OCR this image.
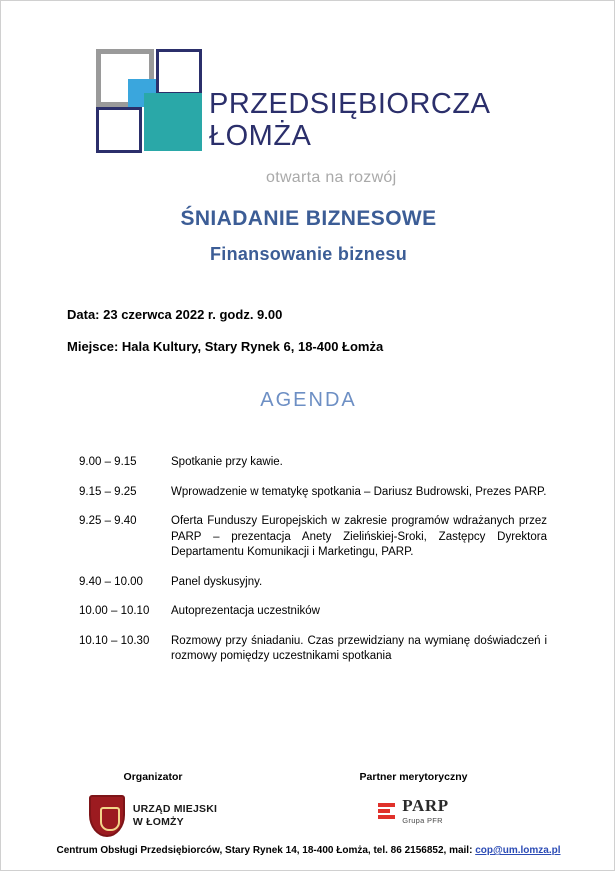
PRZEDSIĘBIORCZA
ŁOMŻA
otwarta na rozwój
ŚNIADANIE BIZNESOWE
Finansowanie biznesu
Data: 23 czerwca 2022 r. godz. 9.00
Miejsce: Hala Kultury, Stary Rynek 6, 18-400 Łomża
AGENDA
9.00 – 9.15	Spotkanie przy kawie.
9.15 – 9.25	Wprowadzenie w tematykę spotkania – Dariusz Budrowski, Prezes PARP.
9.25 – 9.40	Oferta Funduszy Europejskich w zakresie programów wdrażanych przez PARP – prezentacja Anety Zielińskiej-Sroki, Zastępcy Dyrektora Departamentu Komunikacji i Marketingu, PARP.
9.40 – 10.00	Panel dyskusyjny.
10.00 – 10.10	Autoprezentacja uczestników
10.10 – 10.30	Rozmowy przy śniadaniu. Czas przewidziany na wymianę doświadczeń i rozmowy pomiędzy uczestnikami spotkania
Organizator
URZĄD MIEJSKI
W ŁOMŻY
Partner merytoryczny
PARP
Grupa PFR
Centrum Obsługi Przedsiębiorców, Stary Rynek 14, 18-400 Łomża, tel. 86 2156852, mail: cop@um.lomza.pl
